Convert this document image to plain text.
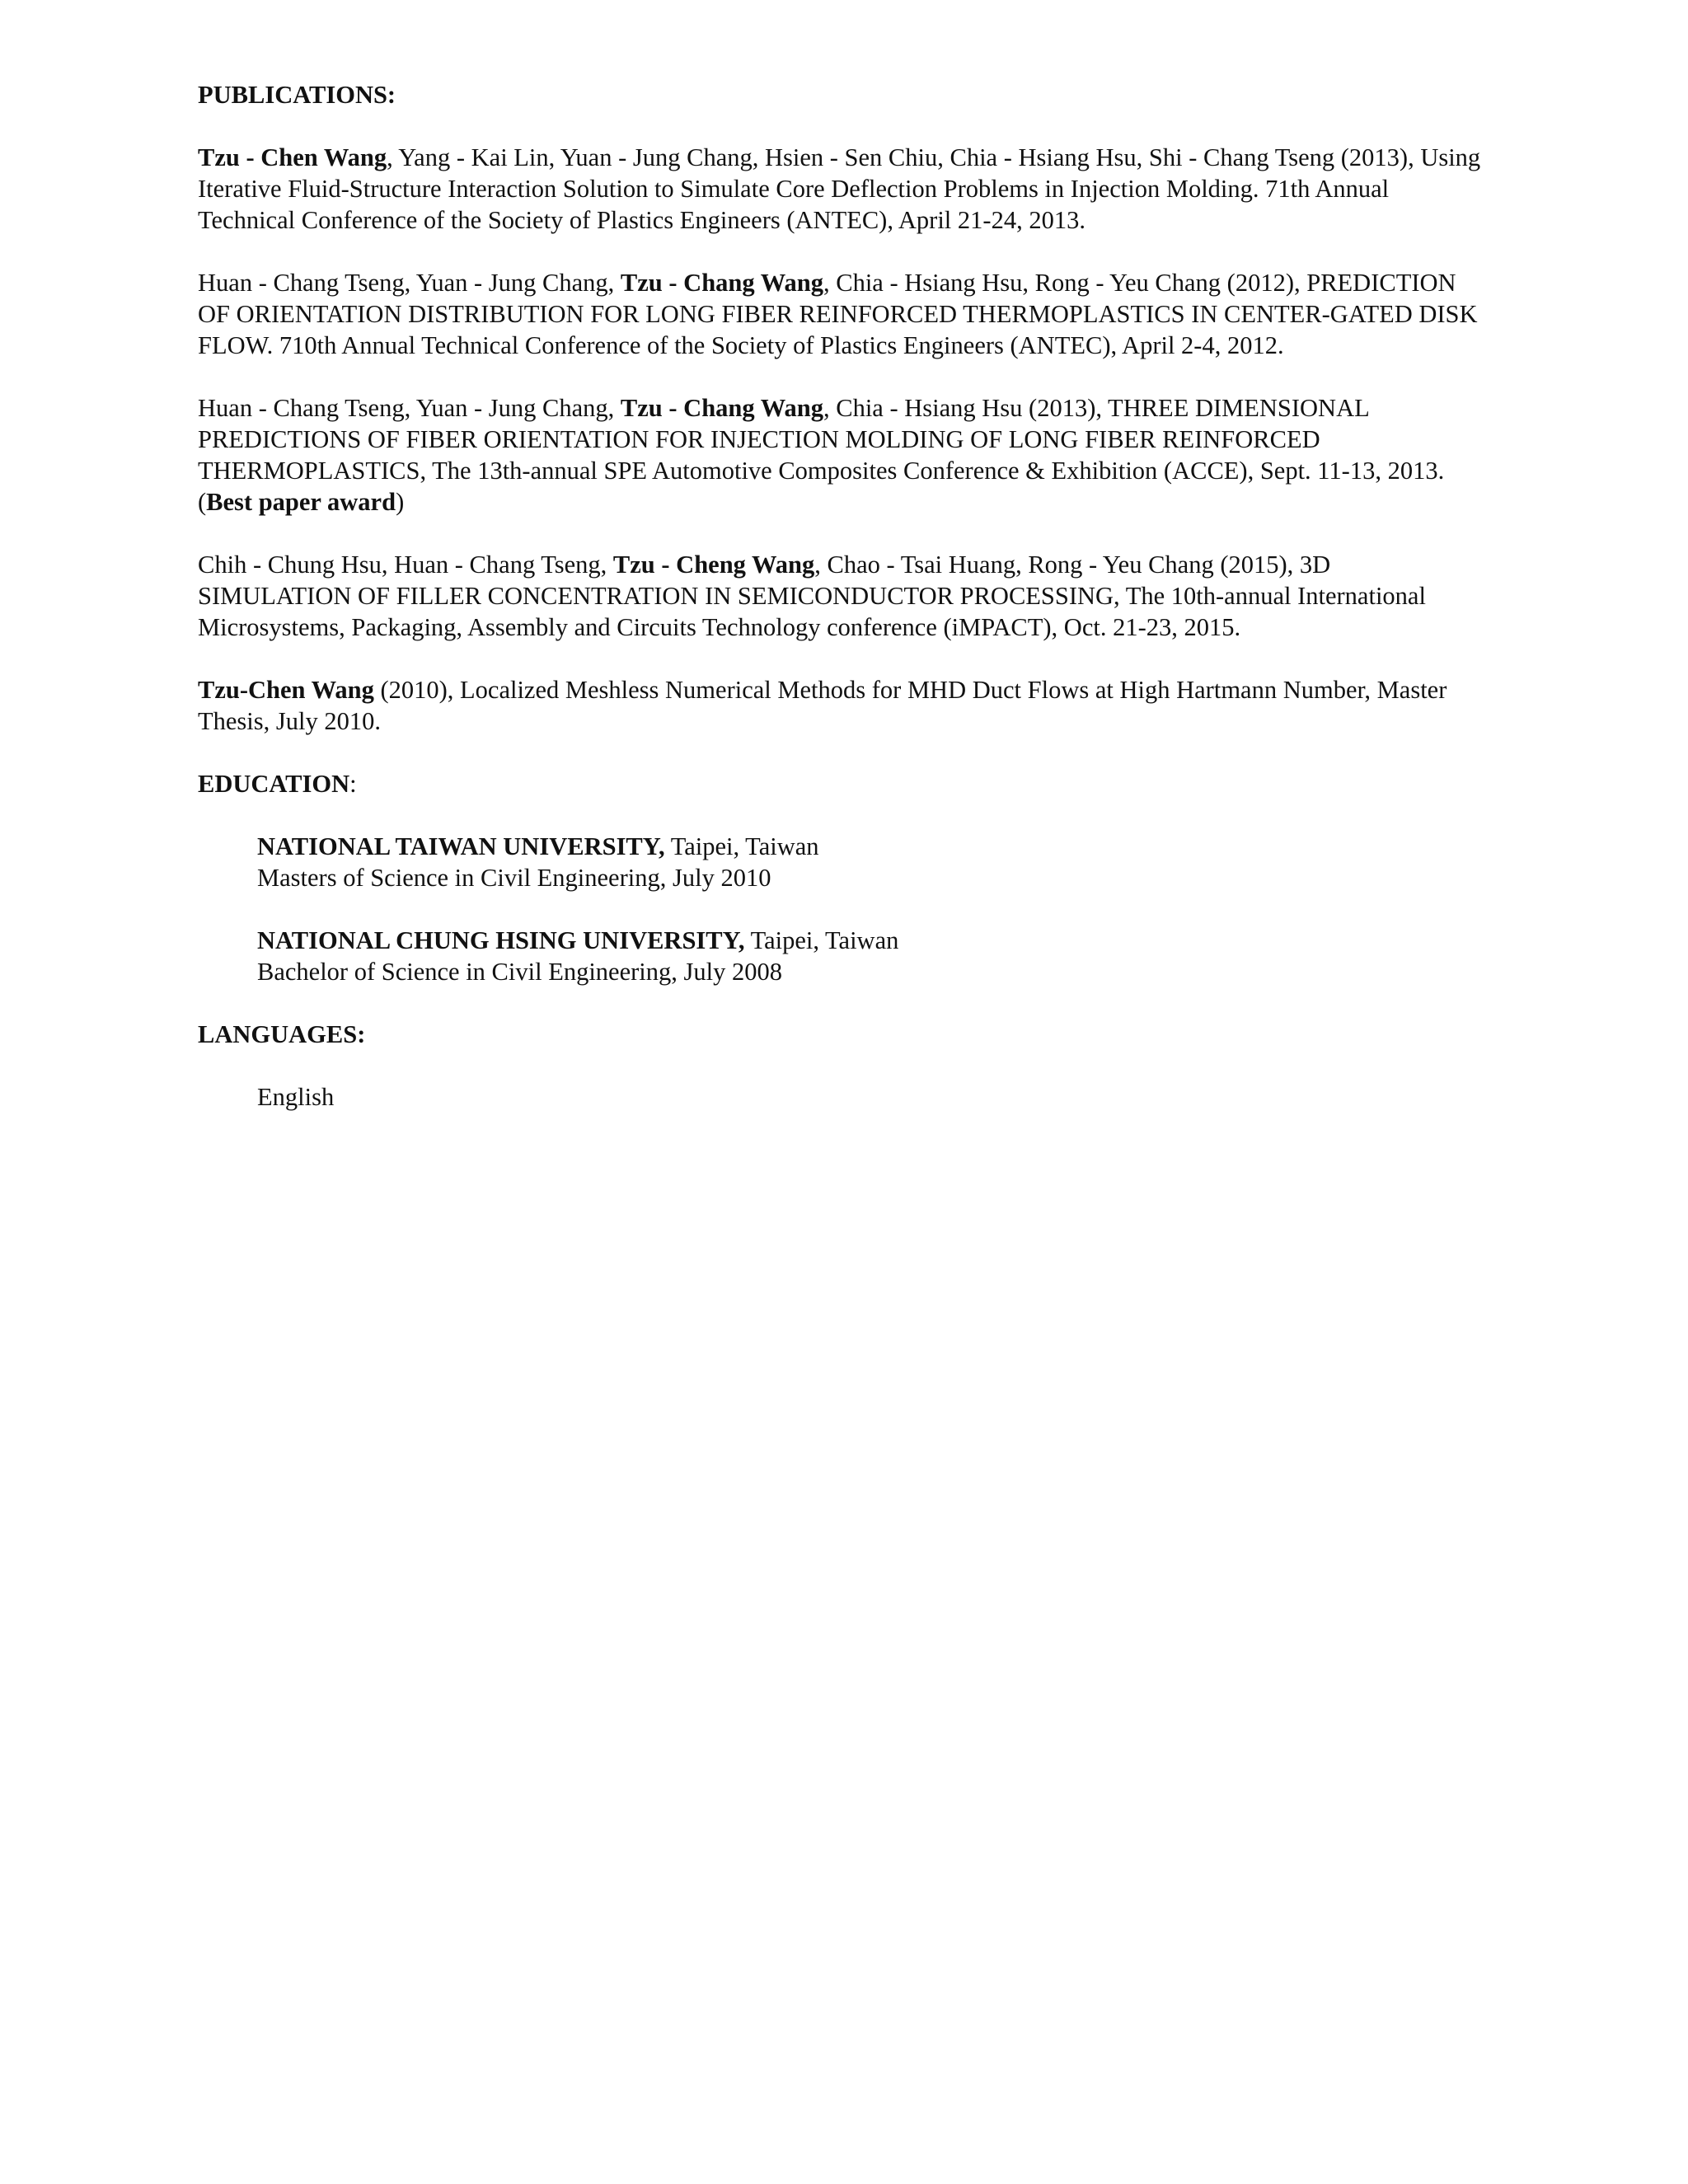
PUBLICATIONS:

Tzu - Chen Wang, Yang - Kai Lin, Yuan - Jung Chang, Hsien - Sen Chiu, Chia - Hsiang Hsu, Shi - Chang Tseng (2013), Using Iterative Fluid-Structure Interaction Solution to Simulate Core Deflection Problems in Injection Molding. 71th Annual Technical Conference of the Society of Plastics Engineers (ANTEC), April 21-24, 2013.

Huan - Chang Tseng, Yuan - Jung Chang, Tzu - Chang Wang, Chia - Hsiang Hsu, Rong - Yeu Chang (2012), PREDICTION OF ORIENTATION DISTRIBUTION FOR LONG FIBER REINFORCED THERMOPLASTICS IN CENTER-GATED DISK FLOW. 710th Annual Technical Conference of the Society of Plastics Engineers (ANTEC), April 2-4, 2012.

Huan - Chang Tseng, Yuan - Jung Chang, Tzu - Chang Wang, Chia - Hsiang Hsu (2013), THREE DIMENSIONAL PREDICTIONS OF FIBER ORIENTATION FOR INJECTION MOLDING OF LONG FIBER REINFORCED THERMOPLASTICS, The 13th-annual SPE Automotive Composites Conference & Exhibition (ACCE), Sept. 11-13, 2013. (Best paper award)

Chih - Chung Hsu, Huan - Chang Tseng, Tzu - Cheng Wang, Chao - Tsai Huang, Rong - Yeu Chang (2015), 3D SIMULATION OF FILLER CONCENTRATION IN SEMICONDUCTOR PROCESSING, The 10th-annual International Microsystems, Packaging, Assembly and Circuits Technology conference (iMPACT), Oct. 21-23, 2015.

Tzu-Chen Wang (2010), Localized Meshless Numerical Methods for MHD Duct Flows at High Hartmann Number, Master Thesis, July 2010.

EDUCATION:

NATIONAL TAIWAN UNIVERSITY, Taipei, Taiwan
Masters of Science in Civil Engineering, July 2010
NATIONAL CHUNG HSING UNIVERSITY, Taipei, Taiwan
Bachelor of Science in Civil Engineering, July 2008

LANGUAGES:

English
